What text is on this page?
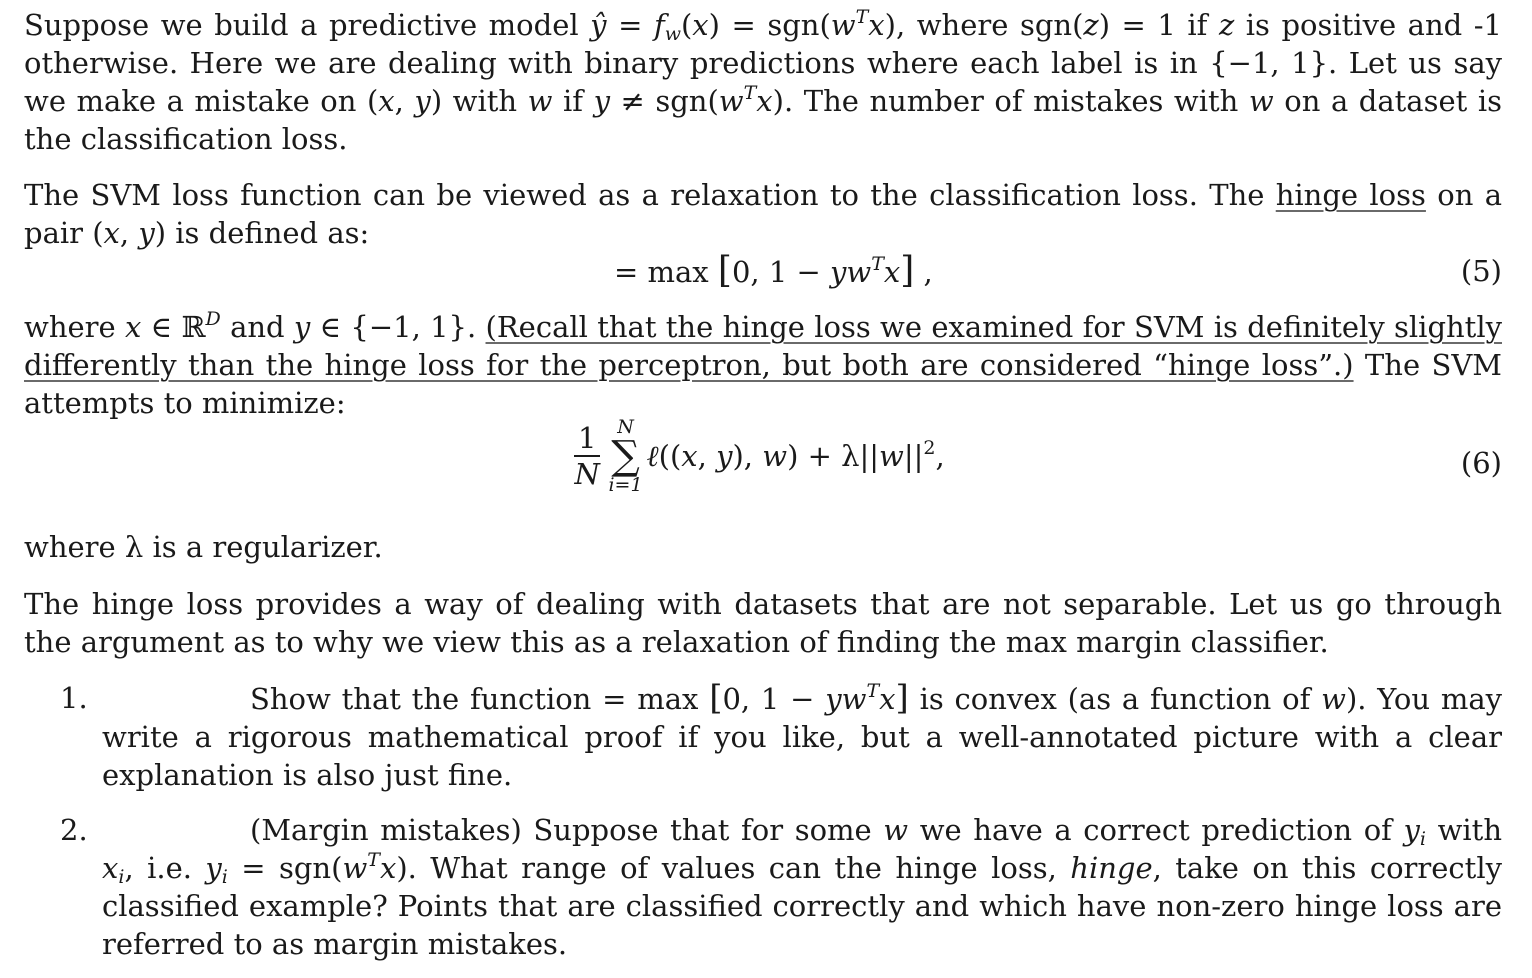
Suppose we build a predictive model ŷ = $f_w(x) = sgn(w^Tx)$, where sgn(z) = 1 if z is positive and -1 otherwise. Here we are dealing with binary predictions where each label is in {−1, 1}. Let us say we make a mistake on (x, y) with w if $y \ne sgn(w^Tx)$. The number of mistakes with w on a dataset is the classification loss.

The SVM loss function can be viewed as a relaxation to the classification loss. The hinge loss on a pair (x, y) is defined as:

= max [0, $1 - yw^Tx$] ,	(5)

where x ∈ ℝ$^D$ and y ∈ {−1, 1}. (Recall that the hinge loss we examined for SVM is definitely slightly differently than the hinge loss for the perceptron, but both are considered “hinge loss”.) The SVM attempts to minimize:

$\frac{1}{N}$ N
∑
i=1
ℓ((x, y), $w) + \lambda||w||^2$,	(6)

where λ is a regularizer.

The hinge loss provides a way of dealing with datasets that are not separable. Let us go through the argument as to why we view this as a relaxation of finding the max margin classifier.

1.	Show that the function = max [0, $1 - yw^Tx$] is convex (as a function of w). You may write a rigorous mathematical proof if you like, but a well-annotated picture with a clear explanation is also just fine.
2.	(Margin mistakes) Suppose that for some w we have a correct prediction of $y_i$ with $x_i$, i.e. $y_i = sgn(w^Tx)$. What range of values can the hinge loss, hinge, take on this correctly classified example? Points that are classified correctly and which have non-zero hinge loss are referred to as margin mistakes.
